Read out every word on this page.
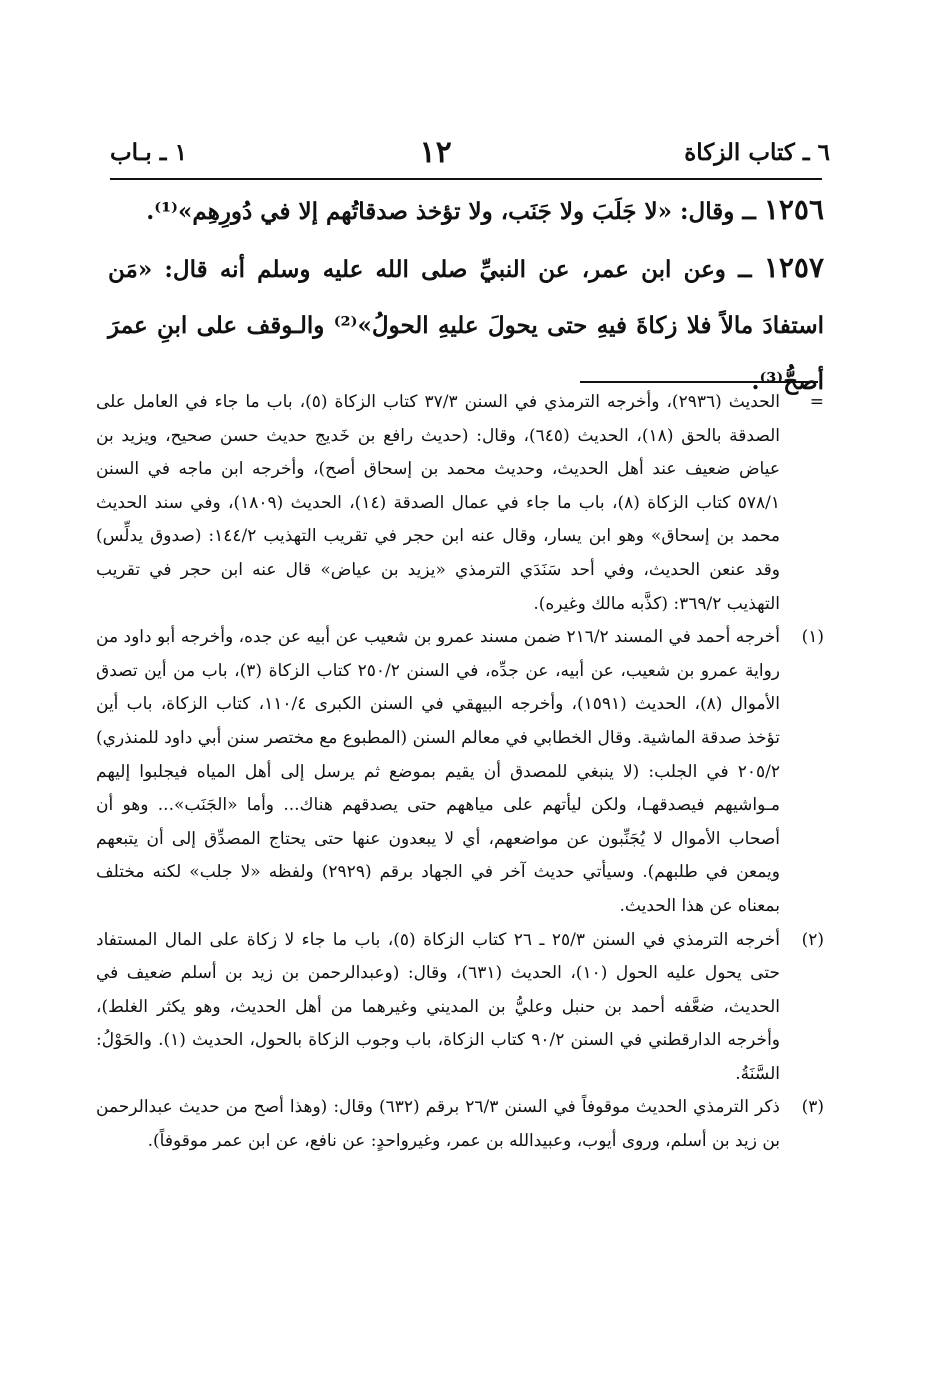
٦ ـ كتاب الزكاة
١٢
١ ـ بـاب

١٢٥٦ ــ وقال: «لا جَلَبَ ولا جَنَب، ولا تؤخذ صدقاتُهم إلا في دُورِهِم»⁽¹⁾.

١٢٥٧ ــ وعن ابن عمر، عن النبيِّ صلى الله عليه وسلم أنه قال: «مَن استفادَ مالاً فلا زكاةَ فيهِ حتى يحولَ عليهِ الحولُ»⁽²⁾ والـوقف على ابنِ عمرَ أصحُّ⁽³⁾.

=
الحديث (٢٩٣٦)، وأخرجه الترمذي في السنن ٣٧/٣ كتاب الزكاة (٥)، باب ما جاء في العامل على الصدقة بالحق (١٨)، الحديث (٦٤٥)، وقال: (حديث رافع بن خَديج حديث حسن صحيح، ويزيد بن عياض ضعيف عند أهل الحديث، وحديث محمد بن إسحاق أصح)، وأخرجه ابن ماجه في السنن ٥٧٨/١ كتاب الزكاة (٨)، باب ما جاء في عمال الصدقة (١٤)، الحديث (١٨٠٩)، وفي سند الحديث محمد بن إسحاق» وهو ابن يسار، وقال عنه ابن حجر في تقريب التهذيب ١٤٤/٢: (صدوق يدلِّس) وقد عنعن الحديث، وفي أحد سَنَدَي الترمذي «يزيد بن عياض» قال عنه ابن حجر في تقريب التهذيب ٣٦٩/٢: (كذَّبه مالك وغيره).
(١)
أخرجه أحمد في المسند ٢١٦/٢ ضمن مسند عمرو بن شعيب عن أبيه عن جده، وأخرجه أبو داود من رواية عمرو بن شعيب، عن أبيه، عن جدِّه، في السنن ٢٥٠/٢ كتاب الزكاة (٣)، باب من أين تصدق الأموال (٨)، الحديث (١٥٩١)، وأخرجه البيهقي في السنن الكبرى ١١٠/٤، كتاب الزكاة، باب أين تؤخذ صدقة الماشية. وقال الخطابي في معالم السنن (المطبوع مع مختصر سنن أبي داود للمنذري) ٢٠٥/٢ في الجلب: (لا ينبغي للمصدق أن يقيم بموضع ثم يرسل إلى أهل المياه فيجلبوا إليهم مـواشيهم فيصدقهـا، ولكن ليأتهم على مياههم حتى يصدقهم هناك... وأما «الجَنَب»... وهو أن أصحاب الأموال لا يُجَنِّبون عن مواضعهم، أي لا يبعدون عنها حتى يحتاج المصدِّق إلى أن يتبعهم ويمعن في طلبهم). وسيأتي حديث آخر في الجهاد برقم (٢٩٢٩) ولفظه «لا جلب» لكنه مختلف بمعناه عن هذا الحديث.
(٢)
أخرجه الترمذي في السنن ٢٥/٣ ـ ٢٦ كتاب الزكاة (٥)، باب ما جاء لا زكاة على المال المستفاد حتى يحول عليه الحول (١٠)، الحديث (٦٣١)، وقال: (وعبدالرحمن بن زيد بن أسلم ضعيف في الحديث، ضعَّفه أحمد بن حنبل وعليُّ بن المديني وغيرهما من أهل الحديث، وهو يكثر الغلط)، وأخرجه الدارقطني في السنن ٩٠/٢ كتاب الزكاة، باب وجوب الزكاة بالحول، الحديث (١). والحَوْلُ: السَّنَةُ.
(٣)
ذكر الترمذي الحديث موقوفاً في السنن ٢٦/٣ برقم (٦٣٢) وقال: (وهذا أصح من حديث عبدالرحمن بن زيد بن أسلم، وروى أيوب، وعبيدالله بن عمر، وغيرواحدٍ: عن نافع، عن ابن عمر موقوفاً).
